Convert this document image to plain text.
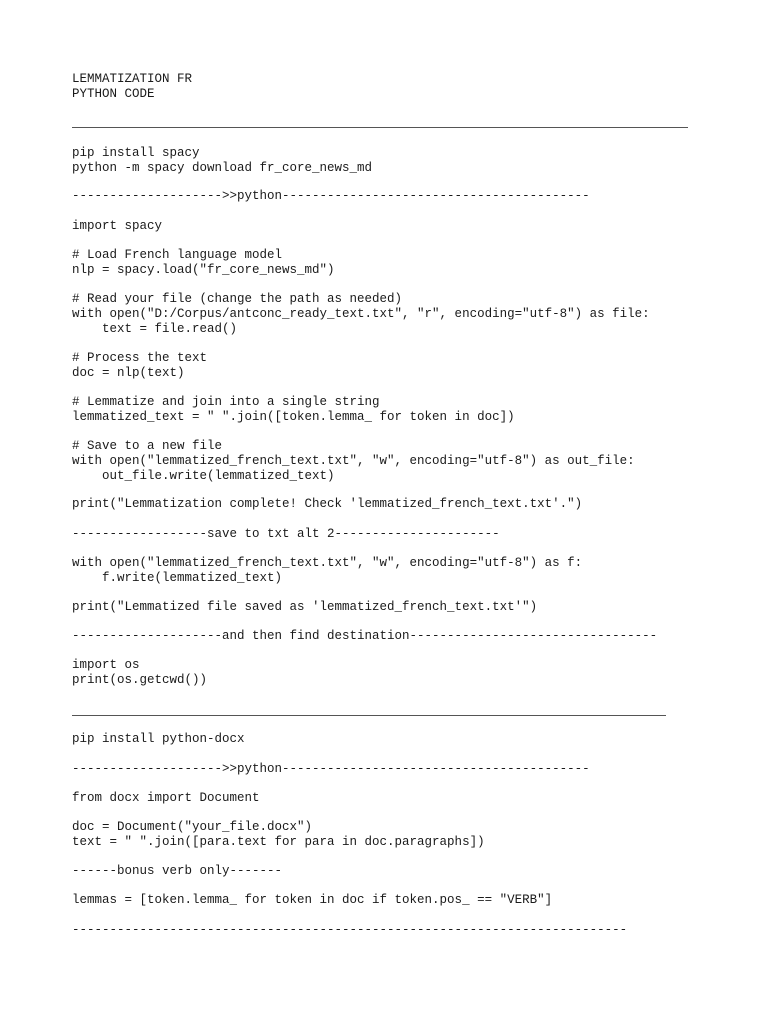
LEMMATIZATION FR
PYTHON CODE
pip install spacy
python -m spacy download fr_core_news_md
-------------------->>python-----------------------------------------
import spacy
# Load French language model
nlp = spacy.load("fr_core_news_md")
# Read your file (change the path as needed)
with open("D:/Corpus/antconc_ready_text.txt", "r", encoding="utf-8") as file:
text = file.read()
# Process the text
doc = nlp(text)
# Lemmatize and join into a single string
lemmatized_text = " ".join([token.lemma_ for token in doc])
# Save to a new file
with open("lemmatized_french_text.txt", "w", encoding="utf-8") as out_file:
out_file.write(lemmatized_text)
print("Lemmatization complete! Check 'lemmatized_french_text.txt'.")
------------------save to txt alt 2----------------------
with open("lemmatized_french_text.txt", "w", encoding="utf-8") as f:
f.write(lemmatized_text)
print("Lemmatized file saved as 'lemmatized_french_text.txt'")
--------------------and then find destination---------------------------------
import os
print(os.getcwd())
pip install python-docx
-------------------->>python-----------------------------------------
from docx import Document
doc = Document("your_file.docx")
text = " ".join([para.text for para in doc.paragraphs])
------bonus verb only-------
lemmas = [token.lemma_ for token in doc if token.pos_ == "VERB"]
--------------------------------------------------------------------------
